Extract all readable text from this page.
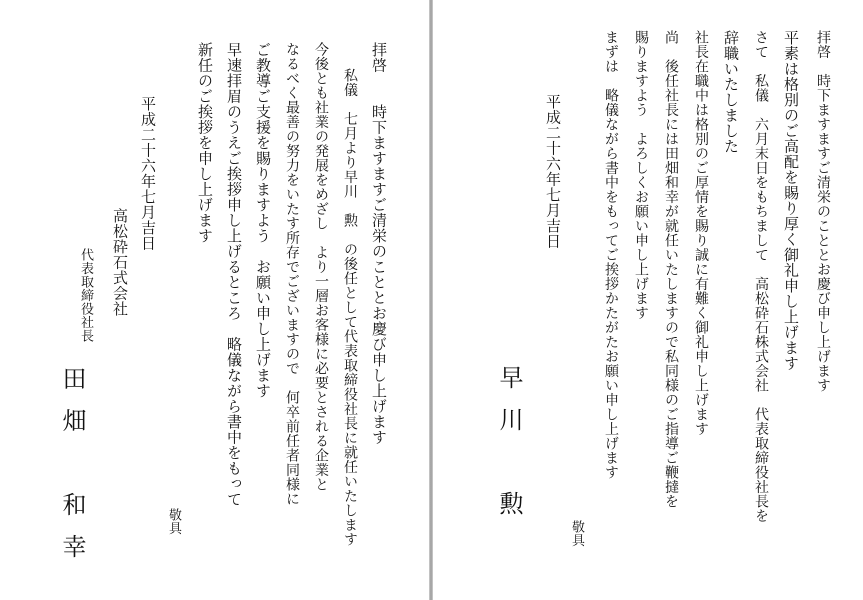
拝啓　　時下ますますご清栄のこととお慶び申し上げます
私儀　七月より早川　勲　の後任として代表取締役社長に就任いたします
今後とも社業の発展をめざし　より一層お客様に必要とされる企業と
なるべく最善の努力をいたす所存でございますので　何卒前任者同様に
ご教導ご支援を賜りますよう　お願い申し上げます
早速拝眉のうえご挨拶申し上げるところ　略儀ながら書中をもって
新任のご挨拶を申し上げます
敬具
平成二十六年七月吉日
高松砕石式会社
代表取締役社長
田畑　和幸
拝啓　時下ますますご清栄のこととお慶び申し上げます
平素は格別のご高配を賜り厚く御礼申し上げます
さて　私儀　六月末日をもちまして　高松砕石株式会社　代表取締役社長を
辞職いたしました
社長在職中は格別のご厚情を賜り誠に有難く御礼申し上げます
尚　後任社長には田畑和幸が就任いたしますので私同様のご指導ご鞭撻を
賜りますよう　よろしくお願い申し上げます
まずは　略儀ながら書中をもってご挨拶かたがたお願い申し上げます
敬具
平成二十六年七月吉日
早川　勲
